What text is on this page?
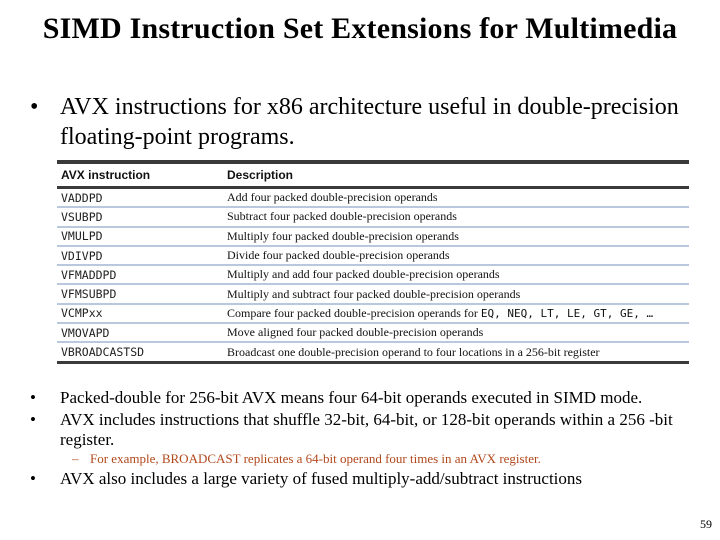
SIMD Instruction Set Extensions for Multimedia
• AVX instructions for x86 architecture useful in double-precision floating-point programs.
AVX instruction	Description
VADDPD	Add four packed double-precision operands
VSUBPD	Subtract four packed double-precision operands
VMULPD	Multiply four packed double-precision operands
VDIVPD	Divide four packed double-precision operands
VFMADDPD	Multiply and add four packed double-precision operands
VFMSUBPD	Multiply and subtract four packed double-precision operands
VCMPxx	Compare four packed double-precision operands for EQ, NEQ, LT, LE, GT, GE, …
VMOVAPD	Move aligned four packed double-precision operands
VBROADCASTSD	Broadcast one double-precision operand to four locations in a 256-bit register
• Packed-double for 256-bit AVX means four 64-bit operands executed in SIMD mode.
• AVX includes instructions that shuffle 32-bit, 64-bit, or 128-bit operands within a 256 -bit register.
– For example, BROADCAST replicates a 64-bit operand four times in an AVX register.
• AVX also includes a large variety of fused multiply-add/subtract instructions
59
